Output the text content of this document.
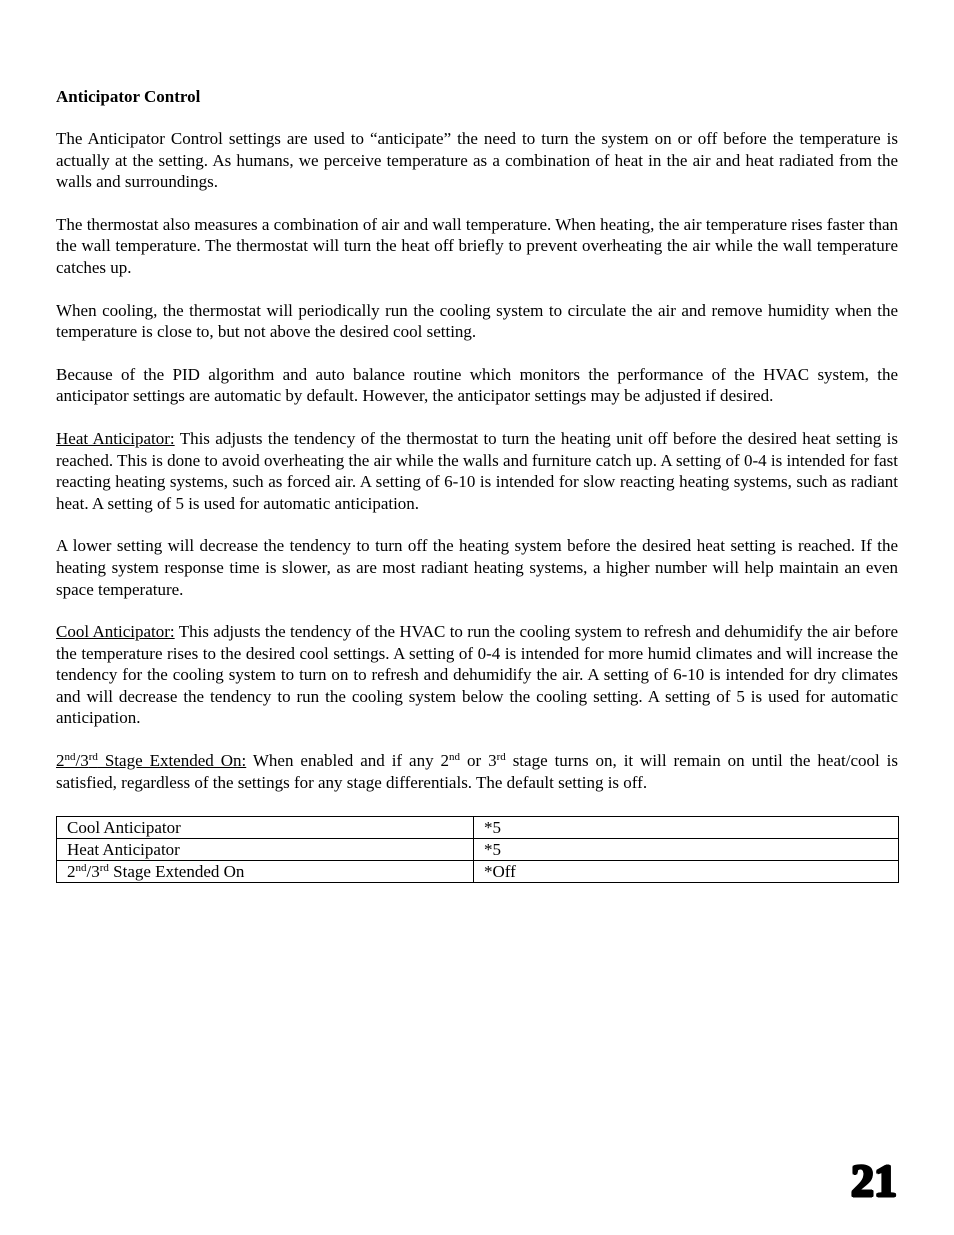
Anticipator Control

The Anticipator Control settings are used to “anticipate” the need to turn the system on or off before the temperature is actually at the setting. As humans, we perceive temperature as a combination of heat in the air and heat radiated from the walls and surroundings.

The thermostat also measures a combination of air and wall temperature. When heating, the air temperature rises faster than the wall temperature. The thermostat will turn the heat off briefly to prevent overheating the air while the wall temperature catches up.

When cooling, the thermostat will periodically run the cooling system to circulate the air and remove humidity when the temperature is close to, but not above the desired cool setting.

Because of the PID algorithm and auto balance routine which monitors the performance of the HVAC system, the anticipator settings are automatic by default. However, the anticipator settings may be adjusted if desired.

Heat Anticipator: This adjusts the tendency of the thermostat to turn the heating unit off before the desired heat setting is reached. This is done to avoid overheating the air while the walls and furniture catch up. A setting of 0-4 is intended for fast reacting heating systems, such as forced air. A setting of 6-10 is intended for slow reacting heating systems, such as radiant heat. A setting of 5 is used for automatic anticipation.

A lower setting will decrease the tendency to turn off the heating system before the desired heat setting is reached. If the heating system response time is slower, as are most radiant heating systems, a higher number will help maintain an even space temperature.

Cool Anticipator: This adjusts the tendency of the HVAC to run the cooling system to refresh and dehumidify the air before the temperature rises to the desired cool settings. A setting of 0-4 is intended for more humid climates and will increase the tendency for the cooling system to turn on to refresh and dehumidify the air. A setting of 6-10 is intended for dry climates and will decrease the tendency to run the cooling system below the cooling setting. A setting of 5 is used for automatic anticipation.

2nd/3rd Stage Extended On: When enabled and if any 2nd or 3rd stage turns on, it will remain on until the heat/cool is satisfied, regardless of the settings for any stage differentials. The default setting is off.

Cool Anticipator	*5
Heat Anticipator	*5
2nd/3rd Stage Extended On	*Off
21
